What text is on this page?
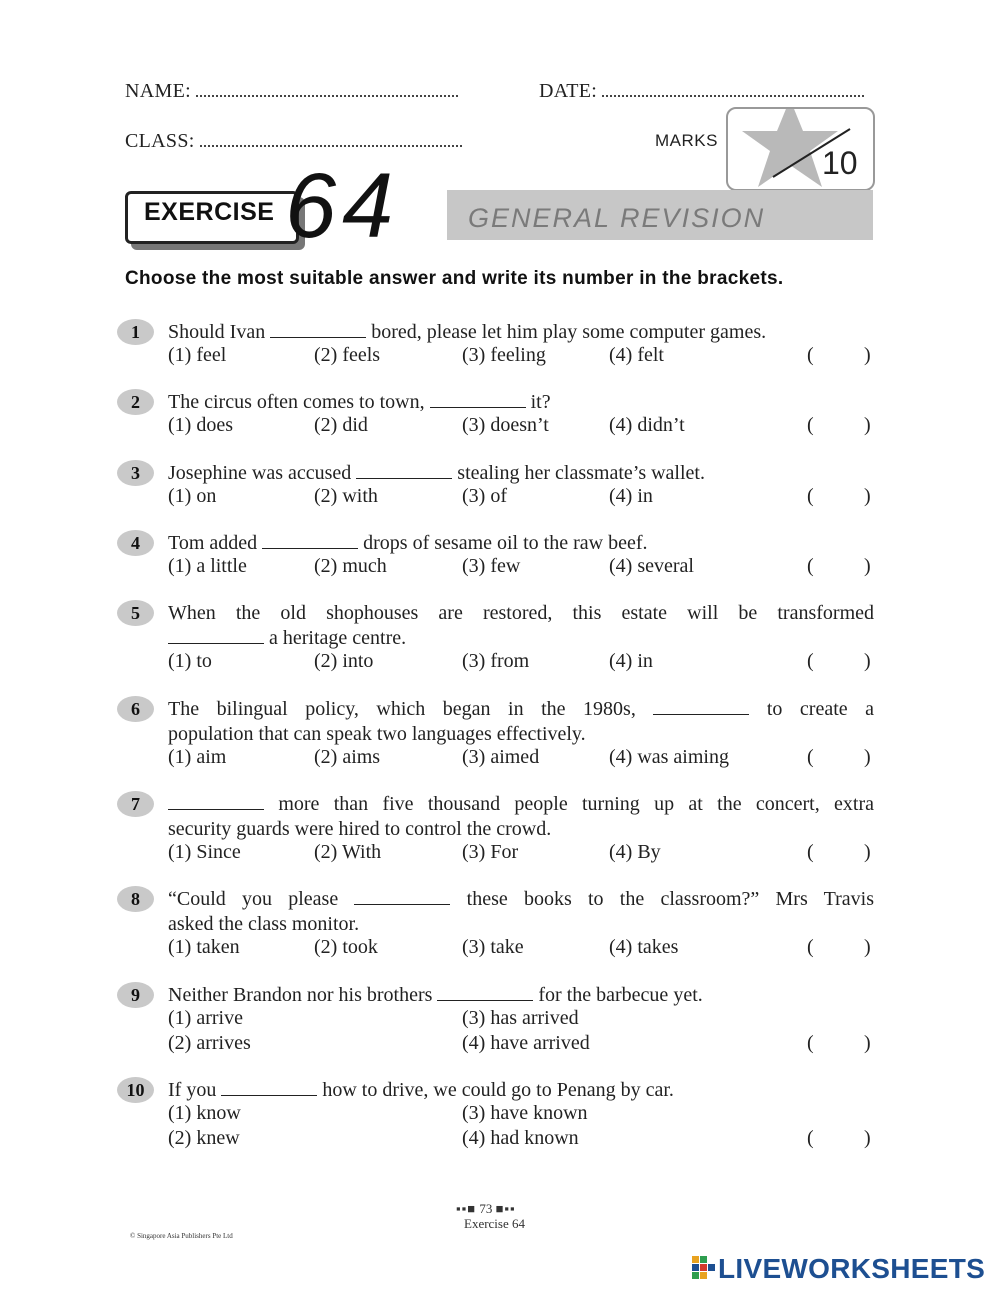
NAME:	DATE:
CLASS:	MARKS
10
EXERCISE 64	GENERAL REVISION
Choose the most suitable answer and write its number in the brackets.
1	Should Ivan	bored, please let him play some computer games.
(1) feel	(2) feels	(3) feeling	(4) felt	(	)
2	The circus often comes to town,	it?
(1) does	(2) did	(3) doesn’t	(4) didn’t	(	)
3	Josephine was accused	stealing her classmate’s wallet.
(1) on	(2) with	(3) of	(4) in	(	)
4	Tom added	drops of sesame oil to the raw beef.
(1) a little	(2) much	(3) few	(4) several	(	)
5	When the old shophouses are restored, this estate will be transformed
a heritage centre.
(1) to	(2) into	(3) from	(4) in	(	)
6	The bilingual policy, which began in the 1980s,	to create a
population that can speak two languages effectively.
(1) aim	(2) aims	(3) aimed	(4) was aiming	(	)
7	more than five thousand people turning up at the concert, extra
security guards were hired to control the crowd.
(1) Since	(2) With	(3) For	(4) By	(	)
8	“Could you please	these books to the classroom?” Mrs Travis
asked the class monitor.
(1) taken	(2) took	(3) take	(4) takes	(	)
9	Neither Brandon nor his brothers	for the barbecue yet.
(1) arrive	(3) has arrived
(2) arrives	(4) have arrived	(	)
10	If you	how to drive, we could go to Penang by car.
(1) know	(3) have known
(2) knew	(4) had known	(	)
▪▪■ 73 ■▪▪
Exercise 64
© Singapore Asia Publishers Pte Ltd
LIVEWORKSHEETS
